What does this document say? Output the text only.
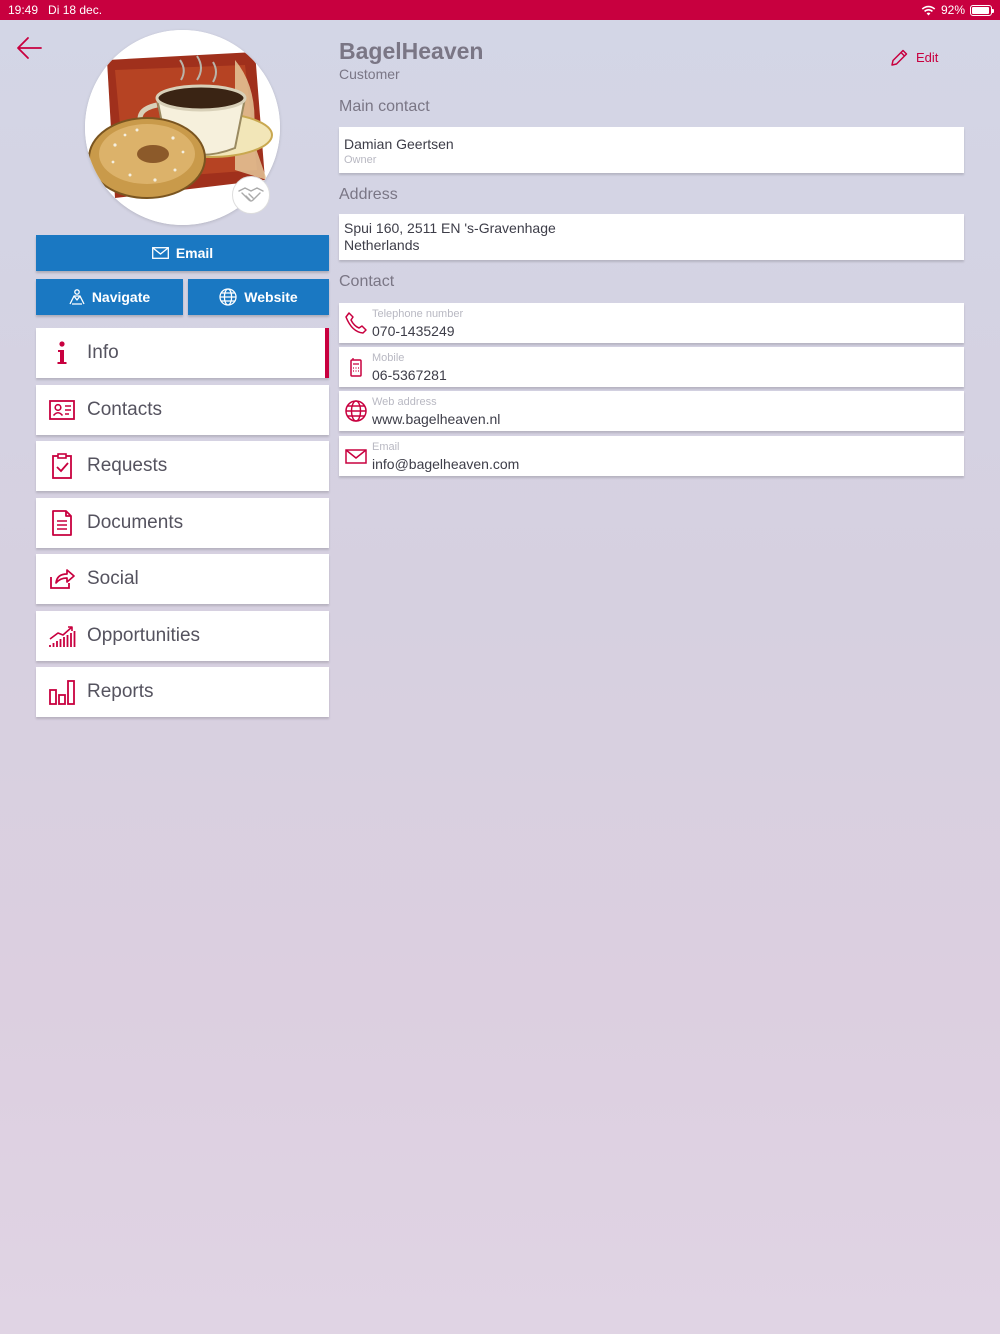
19:49 Di 18 dec.	92%
Email
Navigate	Website
Info
Contacts
Requests
Documents
Social
Opportunities
Reports
BagelHeaven
Customer
Edit
Main contact
Damian Geertsen
Owner
Address
Spui 160, 2511 EN 's-Gravenhage
Netherlands
Contact
Telephone number
070-1435249
Mobile
06-5367281
Web address
www.bagelheaven.nl
Email
info@bagelheaven.com
